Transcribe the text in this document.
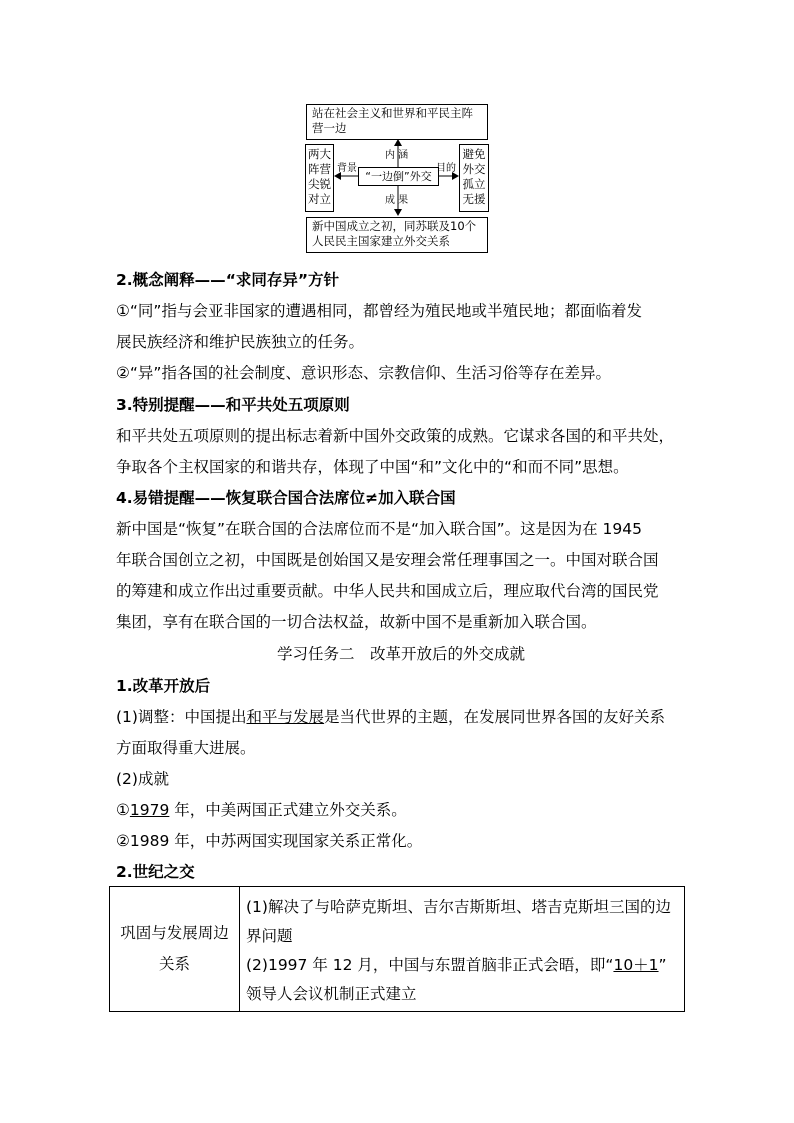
站在社会主义和世界和平民主阵
营一边
两大
阵营
尖锐
对立
避免
外交
孤立
无援
“一边倒”外交
新中国成立之初，同苏联及10个
人民民主国家建立外交关系
背景
内 涵
目的
成 果
2.概念阐释——“求同存异”方针
①“同”指与会亚非国家的遭遇相同，都曾经为殖民地或半殖民地；都面临着发
展民族经济和维护民族独立的任务。
②“异”指各国的社会制度、意识形态、宗教信仰、生活习俗等存在差异。
3.特别提醒——和平共处五项原则
和平共处五项原则的提出标志着新中国外交政策的成熟。它谋求各国的和平共处，
争取各个主权国家的和谐共存，体现了中国“和”文化中的“和而不同”思想。
4.易错提醒——恢复联合国合法席位≠加入联合国
新中国是“恢复”在联合国的合法席位而不是“加入联合国”。这是因为在 1945
年联合国创立之初，中国既是创始国又是安理会常任理事国之一。中国对联合国
的筹建和成立作出过重要贡献。中华人民共和国成立后，理应取代台湾的国民党
集团，享有在联合国的一切合法权益，故新中国不是重新加入联合国。
学习任务二　改革开放后的外交成就
1.改革开放后
(1)调整：中国提出和平与发展是当代世界的主题，在发展同世界各国的友好关系
方面取得重大进展。
(2)成就
①1979 年，中美两国正式建立外交关系。
②1989 年，中苏两国实现国家关系正常化。
2.世纪之交
巩固与发展周边
关系
(1)解决了与哈萨克斯坦、吉尔吉斯斯坦、塔吉克斯坦三国的边
界问题
(2)1997 年 12 月，中国与东盟首脑非正式会晤，即“10＋1”
领导人会议机制正式建立
